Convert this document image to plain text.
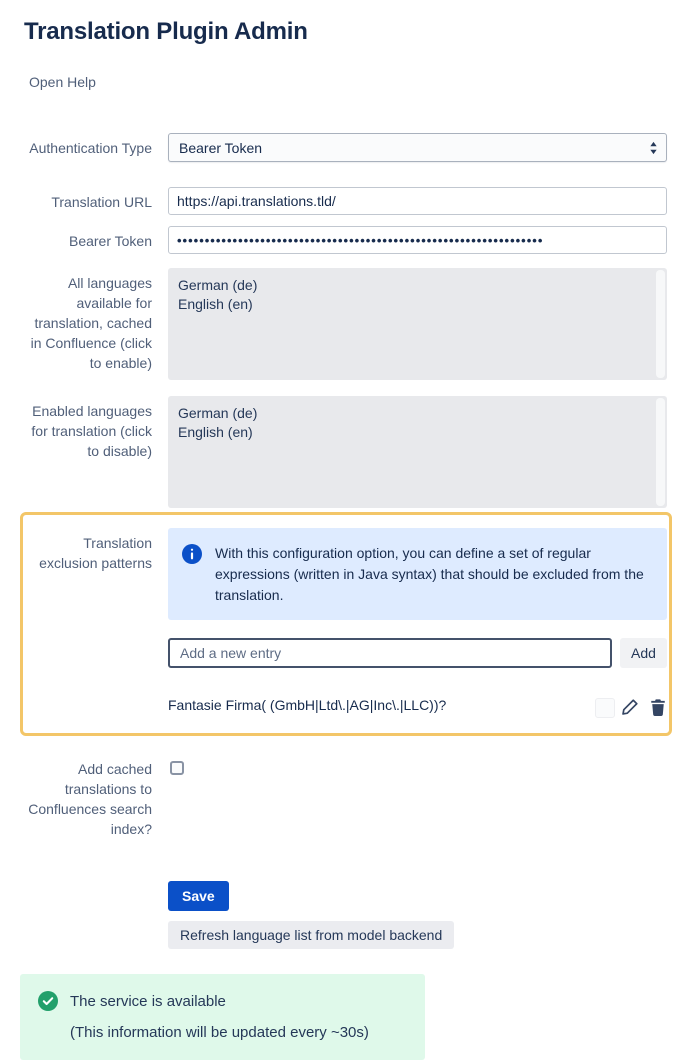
Translation Plugin Admin
Open Help
Authentication Type Bearer Token
Translation URL
https://api.translations.tld/
Bearer Token
••••••••••••••••••••••••••••••••••••••••••••••••••••••••••••••••••
All languages available for translation, cached in Confluence (click to enable)
German (de)
English (en)
Enabled languages for translation (click to disable)
German (de)
English (en)
Translation exclusion patterns
With this configuration option, you can define a set of regular expressions (written in Java syntax) that should be excluded from the translation.
Add a new entry
Add
Fantasie Firma( (GmbH|Ltd\.|AG|Inc\.|LLC))?
Add cached translations to Confluences search index?
Save
Refresh language list from model backend
The service is available
(This information will be updated every ~30s)
